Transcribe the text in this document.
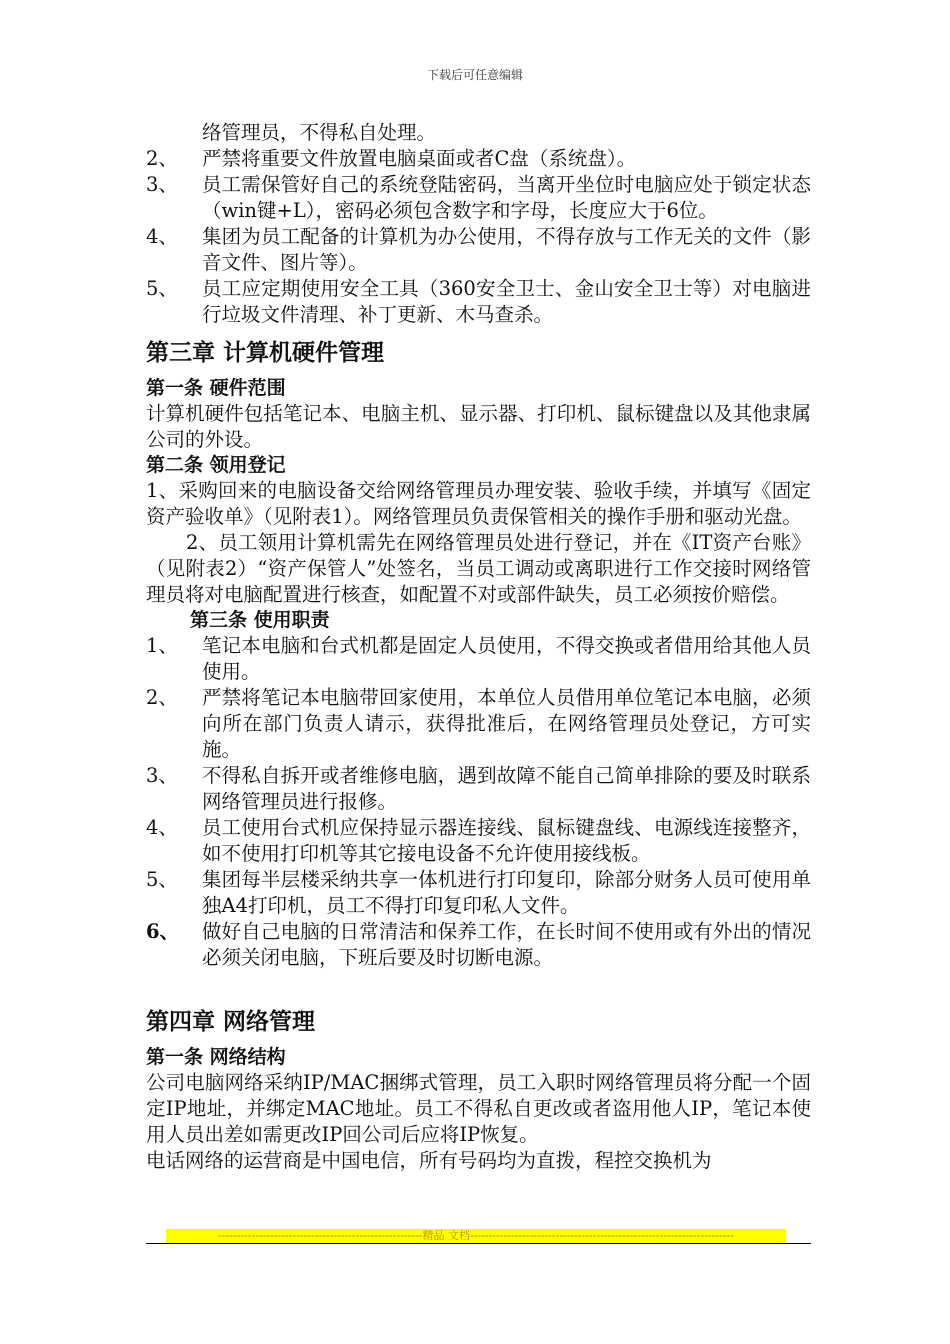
下载后可任意编辑
络管理员，不得私自处理。
2、	严禁将重要文件放置电脑桌面或者C盘（系统盘）。
3、	员工需保管好自己的系统登陆密码，当离开坐位时电脑应处于锁定状态（win键+L），密码必须包含数字和字母，长度应大于6位。
4、	集团为员工配备的计算机为办公使用，不得存放与工作无关的文件（影音文件、图片等）。
5、	员工应定期使用安全工具（360安全卫士、金山安全卫士等）对电脑进行垃圾文件清理、补丁更新、木马查杀。
第三章 计算机硬件管理
第一条 硬件范围
计算机硬件包括笔记本、电脑主机、显示器、打印机、鼠标键盘以及其他隶属公司的外设。
第二条 领用登记
1、采购回来的电脑设备交给网络管理员办理安装、验收手续，并填写《固定资产验收单》（见附表1）。网络管理员负责保管相关的操作手册和驱动光盘。
2、员工领用计算机需先在网络管理员处进行登记，并在《IT资产台账》（见附表2）“资产保管人”处签名，当员工调动或离职进行工作交接时网络管理员将对电脑配置进行核查，如配置不对或部件缺失，员工必须按价赔偿。
第三条 使用职责
1、	笔记本电脑和台式机都是固定人员使用，不得交换或者借用给其他人员使用。
2、	严禁将笔记本电脑带回家使用，本单位人员借用单位笔记本电脑，必须向所在部门负责人请示，获得批准后，在网络管理员处登记，方可实施。
3、	不得私自拆开或者维修电脑，遇到故障不能自己简单排除的要及时联系网络管理员进行报修。
4、	员工使用台式机应保持显示器连接线、鼠标键盘线、电源线连接整齐，如不使用打印机等其它接电设备不允许使用接线板。
5、	集团每半层楼采纳共享一体机进行打印复印，除部分财务人员可使用单独A4打印机，员工不得打印复印私人文件。
6、	做好自己电脑的日常清洁和保养工作，在长时间不使用或有外出的情况必须关闭电脑，下班后要及时切断电源。
第四章 网络管理
第一条 网络结构
公司电脑网络采纳IP/MAC捆绑式管理，员工入职时网络管理员将分配一个固定IP地址，并绑定MAC地址。员工不得私自更改或者盗用他人IP，笔记本使用人员出差如需更改IP回公司后应将IP恢复。
电话网络的运营商是中国电信，所有号码均为直拨，程控交换机为
-------------------------------------------------------精品 文档-----------------------------------------------------------------------
